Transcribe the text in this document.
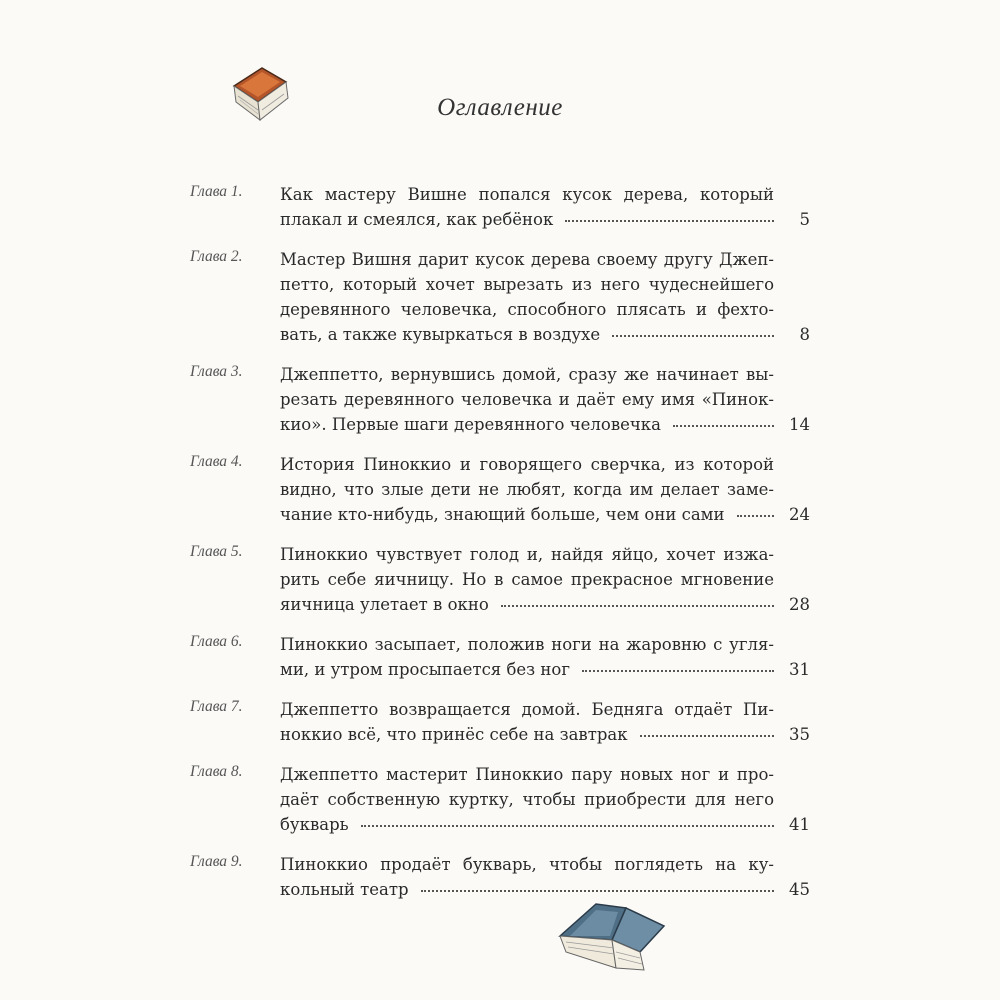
Оглавление
Глава 1.	Как мастеру Вишне попался кусок дерева, который
плакал и смеялся, как ребёнок	5
Глава 2.	Мастер Вишня дарит кусок дерева своему другу Джеп-
петто, который хочет вырезать из него чудеснейшего
деревянного человечка, способного плясать и фехто-
вать, а также кувыркаться в воздухе	8
Глава 3.	Джеппетто, вернувшись домой, сразу же начинает вы-
резать деревянного человечка и даёт ему имя «Пинок-
кио». Первые шаги деревянного человечка	14
Глава 4.	История Пиноккио и говорящего сверчка, из которой
видно, что злые дети не любят, когда им делает заме-
чание кто-нибудь, знающий больше, чем они сами	24
Глава 5.	Пиноккио чувствует голод и, найдя яйцо, хочет изжа-
рить себе яичницу. Но в самое прекрасное мгновение
яичница улетает в окно	28
Глава 6.	Пиноккио засыпает, положив ноги на жаровню с угля-
ми, и утром просыпается без ног	31
Глава 7.	Джеппетто возвращается домой. Бедняга отдаёт Пи-
ноккио всё, что принёс себе на завтрак	35
Глава 8.	Джеппетто мастерит Пиноккио пару новых ног и про-
даёт собственную куртку, чтобы приобрести для него
букварь	41
Глава 9.	Пиноккио продаёт букварь, чтобы поглядеть на ку-
кольный театр	45
